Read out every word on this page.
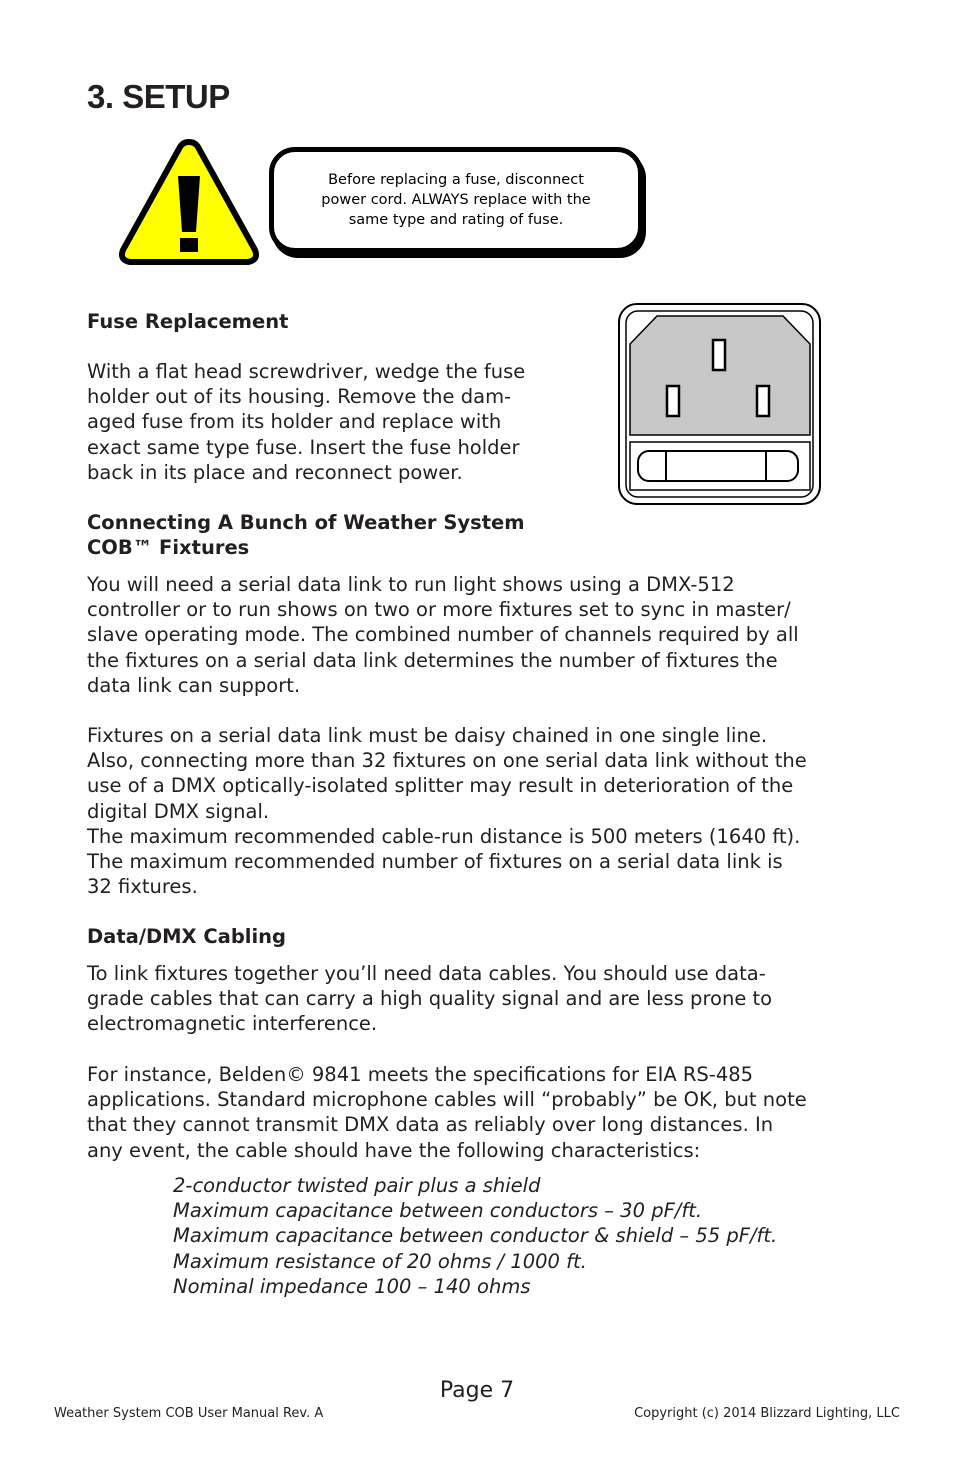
3. SETUP
Before replacing a fuse, disconnect
power cord. ALWAYS replace with the
same type and rating of fuse.
Fuse Replacement
With a flat head screwdriver, wedge the fuse
holder out of its housing. Remove the dam-
aged fuse from its holder and replace with
exact same type fuse. Insert the fuse holder
back in its place and reconnect power.
Connecting A Bunch of Weather System
COB™ Fixtures
You will need a serial data link to run light shows using a DMX-512
controller or to run shows on two or more fixtures set to sync in master/
slave operating mode. The combined number of channels required by all
the fixtures on a serial data link determines the number of fixtures the
data link can support.
Fixtures on a serial data link must be daisy chained in one single line.
Also, connecting more than 32 fixtures on one serial data link without the
use of a DMX optically-isolated splitter may result in deterioration of the
digital DMX signal.
The maximum recommended cable-run distance is 500 meters (1640 ft).
The maximum recommended number of fixtures on a serial data link is
32 fixtures.
Data/DMX Cabling
To link fixtures together you’ll need data cables. You should use data-
grade cables that can carry a high quality signal and are less prone to
electromagnetic interference.
For instance, Belden© 9841 meets the specifications for EIA RS-485
applications. Standard microphone cables will “probably” be OK, but note
that they cannot transmit DMX data as reliably over long distances. In
any event, the cable should have the following characteristics:
2-conductor twisted pair plus a shield
Maximum capacitance between conductors – 30 pF/ft.
Maximum capacitance between conductor & shield – 55 pF/ft.
Maximum resistance of 20 ohms / 1000 ft.
Nominal impedance 100 – 140 ohms
Page 7
Weather System COB User Manual Rev. A	Copyright (c) 2014 Blizzard Lighting, LLC
